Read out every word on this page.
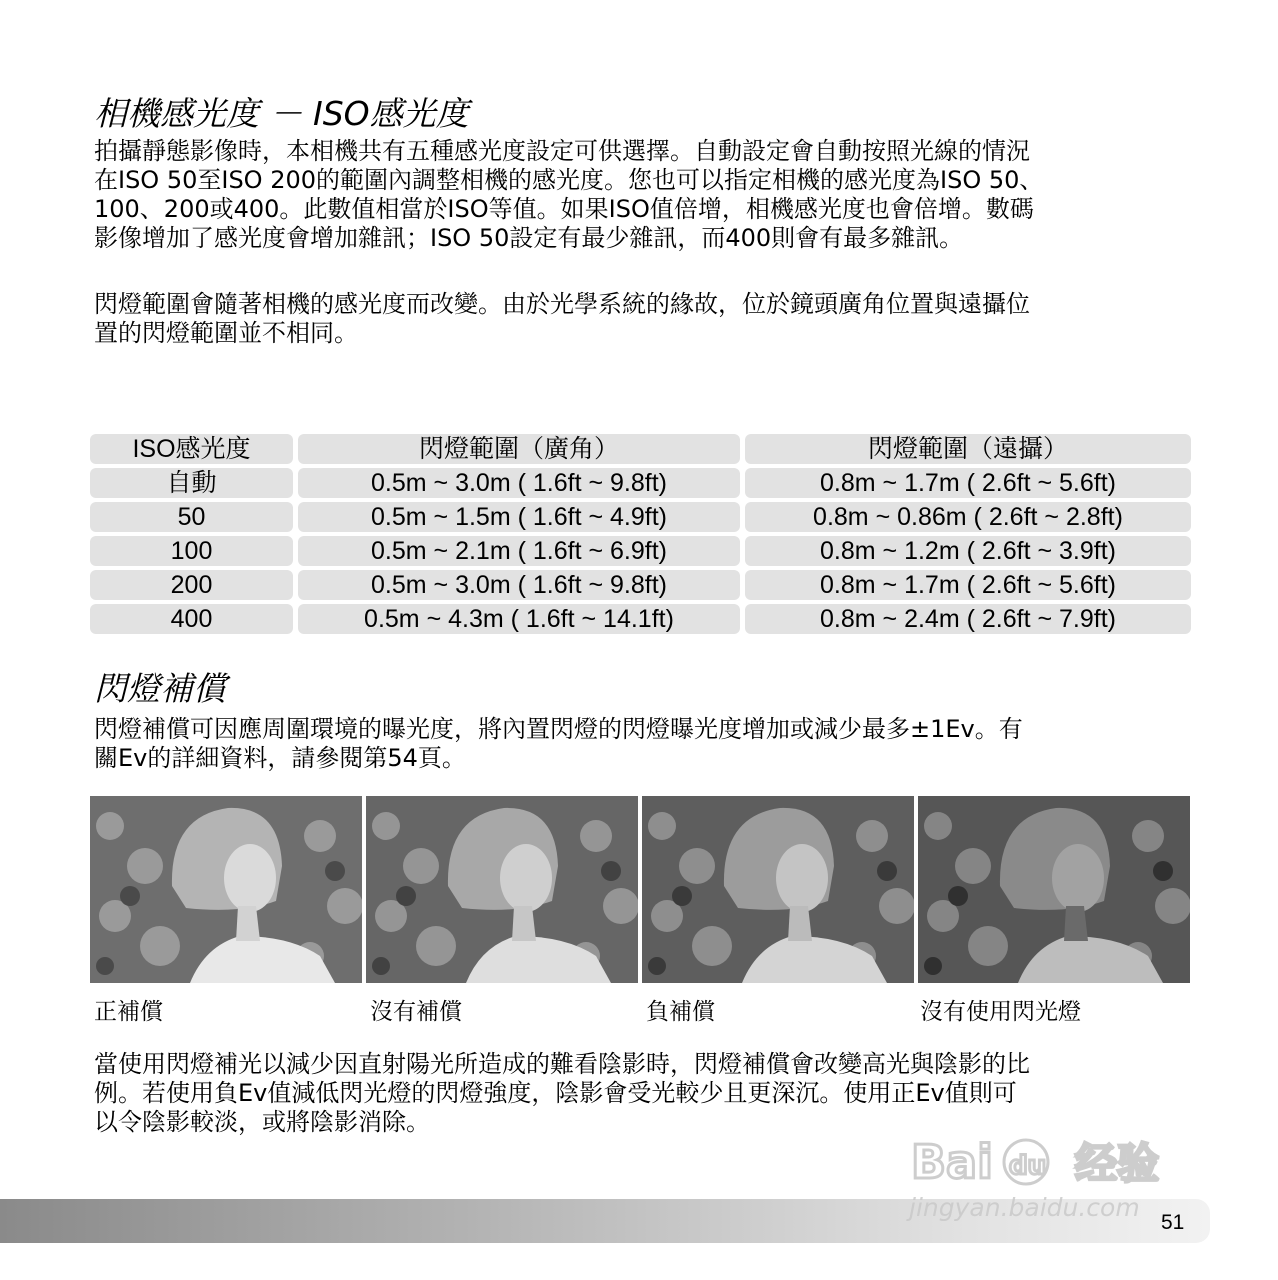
相機感光度 － ISO感光度
拍攝靜態影像時，本相機共有五種感光度設定可供選擇。自動設定會自動按照光線的情況
在ISO 50至ISO 200的範圍內調整相機的感光度。您也可以指定相機的感光度為ISO 50、
100、200或400。此數值相當於ISO等值。如果ISO值倍增，相機感光度也會倍增。數碼
影像增加了感光度會增加雜訊；ISO 50設定有最少雜訊，而400則會有最多雜訊。
閃燈範圍會隨著相機的感光度而改變。由於光學系統的緣故，位於鏡頭廣角位置與遠攝位
置的閃燈範圍並不相同。
ISO感光度	閃燈範圍（廣角）	閃燈範圍（遠攝）
自動	0.5m ~ 3.0m ( 1.6ft ~ 9.8ft)	0.8m ~ 1.7m ( 2.6ft ~ 5.6ft)
50	0.5m ~ 1.5m ( 1.6ft ~ 4.9ft)	0.8m ~ 0.86m ( 2.6ft ~ 2.8ft)
100	0.5m ~ 2.1m ( 1.6ft ~ 6.9ft)	0.8m ~ 1.2m ( 2.6ft ~ 3.9ft)
200	0.5m ~ 3.0m ( 1.6ft ~ 9.8ft)	0.8m ~ 1.7m ( 2.6ft ~ 5.6ft)
400	0.5m ~ 4.3m ( 1.6ft ~ 14.1ft)	0.8m ~ 2.4m ( 2.6ft ~ 7.9ft)
閃燈補償
閃燈補償可因應周圍環境的曝光度，將內置閃燈的閃燈曝光度增加或減少最多±1Ev。有
關Ev的詳細資料，請參閱第54頁。
正補償	沒有補償	負補償	沒有使用閃光燈
當使用閃燈補光以減少因直射陽光所造成的難看陰影時，閃燈補償會改變高光與陰影的比
例。若使用負Ev值減低閃光燈的閃燈強度，陰影會受光較少且更深沉。使用正Ev值則可
以令陰影較淡，或將陰影消除。
51
Bai du 经验
jingyan.baidu.com
